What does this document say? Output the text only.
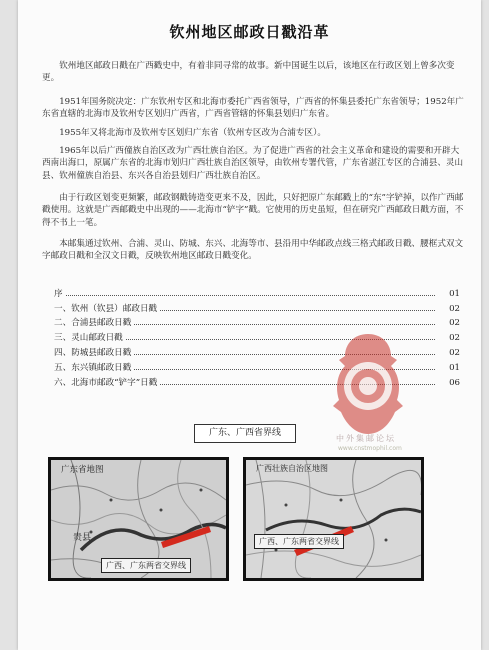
钦州地区邮政日戳沿革

钦州地区邮政日戳在广西戳史中，有着非同寻常的故事。新中国诞生以后，该地区在行政区划上曾多次变更。

1951年国务院决定：广东钦州专区和北海市委托广西省领导，广西省的怀集县委托广东省领导；1952年广东省直辖的北海市及钦州专区划归广西省，广西省管辖的怀集县划归广东省。

1955年又将北海市及钦州专区划归广东省（钦州专区改为合浦专区）。

1965年以后广西僮族自治区改为广西壮族自治区。为了促进广西省的社会主义革命和建设的需要和开辟大西南出海口，原属广东省的北海市划归广西壮族自治区领导，由钦州专署代管，广东省湛江专区的合浦县、灵山县、钦州僮族自治县、东兴各自治县划归广西壮族自治区。

由于行政区划变更频繁，邮政钢戳铸造变更来不及，因此，只好把原广东邮戳上的“东”字铲掉，以作广西邮戳使用。这就是广西邮戳史中出现的——北海市“铲字”戳。它使用的历史虽短，但在研究广西邮政日戳方面，不得不书上一笔。

本邮集通过钦州、合浦、灵山、防城、东兴、北海等市、县沿用中华邮政点线三格式邮政日戳、腰框式双文字邮政日戳和全汉文日戳，反映钦州地区邮政日戳变化。

序	01
一、钦州（钦县）邮政日戳	02
二、合浦县邮政日戳	02
三、灵山邮政日戳	02
四、防城县邮政日戳	02
五、东兴镇邮政日戳	01
六、北海市邮政“铲字”日戳	06
中外集邮论坛
www.cnstmophil.com
广东、广西省界线
广东省地图
广西、广东两省交界线
贵县
广西壮族自治区地图
广西、广东两省交界线
